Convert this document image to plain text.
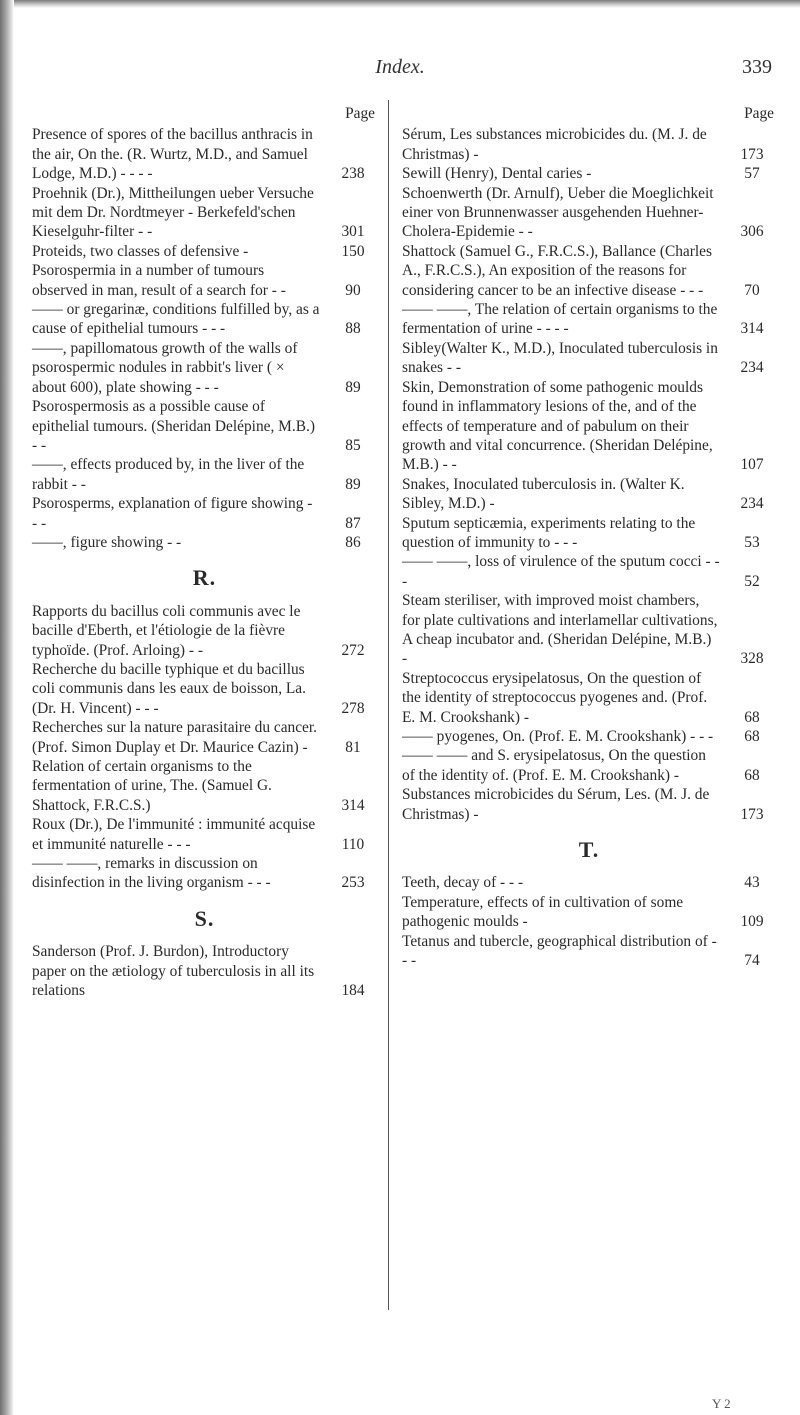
Index.	339
Page
Presence of spores of the bacillus anthracis in the air, On the. (R. Wurtz, M.D., and Samuel Lodge, M.D.) - - - -	238
Proehnik (Dr.), Mittheilungen ueber Versuche mit dem Dr. Nordtmeyer - Berkefeld'schen Kieselguhr-filter - -	301
Proteids, two classes of defensive -	150
Psorospermia in a number of tumours observed in man, result of a search for - -	90
—— or gregarinæ, conditions fulfilled by, as a cause of epithelial tumours - - -	88
——, papillomatous growth of the walls of psorospermic nodules in rabbit's liver ( × about 600), plate showing - - -	89
Psorospermosis as a possible cause of epithelial tumours. (Sheridan Delépine, M.B.) - -	85
——, effects produced by, in the liver of the rabbit - -	89
Psorosperms, explanation of figure showing - - -	87
——, figure showing - -	86
R.
Rapports du bacillus coli communis avec le bacille d'Eberth, et l'étiologie de la fièvre typhoïde. (Prof. Arloing) - -	272
Recherche du bacille typhique et du bacillus coli communis dans les eaux de boisson, La. (Dr. H. Vincent) - - -	278
Recherches sur la nature parasitaire du cancer. (Prof. Simon Duplay et Dr. Maurice Cazin) -	81
Relation of certain organisms to the fermentation of urine, The. (Samuel G. Shattock, F.R.C.S.)	314
Roux (Dr.), De l'immunité : immunité acquise et immunité naturelle - - -	110
—— ——, remarks in discussion on disinfection in the living organism - - -	253
S.
Sanderson (Prof. J. Burdon), Introductory paper on the ætiology of tuberculosis in all its relations	184
Page
Sérum, Les substances microbicides du. (M. J. de Christmas) -	173
Sewill (Henry), Dental caries -	57
Schoenwerth (Dr. Arnulf), Ueber die Moeglichkeit einer von Brunnenwasser ausgehenden Huehner-Cholera-Epidemie - -	306
Shattock (Samuel G., F.R.C.S.), Ballance (Charles A., F.R.C.S.), An exposition of the reasons for considering cancer to be an infective disease - - -	70
—— ——, The relation of certain organisms to the fermentation of urine - - - -	314
Sibley(Walter K., M.D.), Inoculated tuberculosis in snakes - -	234
Skin, Demonstration of some pathogenic moulds found in inflammatory lesions of the, and of the effects of temperature and of pabulum on their growth and vital concurrence. (Sheridan Delépine, M.B.) - -	107
Snakes, Inoculated tuberculosis in. (Walter K. Sibley, M.D.) -	234
Sputum septicæmia, experiments relating to the question of immunity to - - -	53
—— ——, loss of virulence of the sputum cocci - - -	52
Steam steriliser, with improved moist chambers, for plate cultivations and interlamellar cultivations, A cheap incubator and. (Sheridan Delépine, M.B.) -	328
Streptococcus erysipelatosus, On the question of the identity of streptococcus pyogenes and. (Prof. E. M. Crookshank) -	68
—— pyogenes, On. (Prof. E. M. Crookshank) - - -	68
—— —— and S. erysipelatosus, On the question of the identity of. (Prof. E. M. Crookshank) -	68
Substances microbicides du Sérum, Les. (M. J. de Christmas) -	173
T.
Teeth, decay of - - -	43
Temperature, effects of in cultivation of some pathogenic moulds -	109
Tetanus and tubercle, geographical distribution of - - -	74
Y 2
